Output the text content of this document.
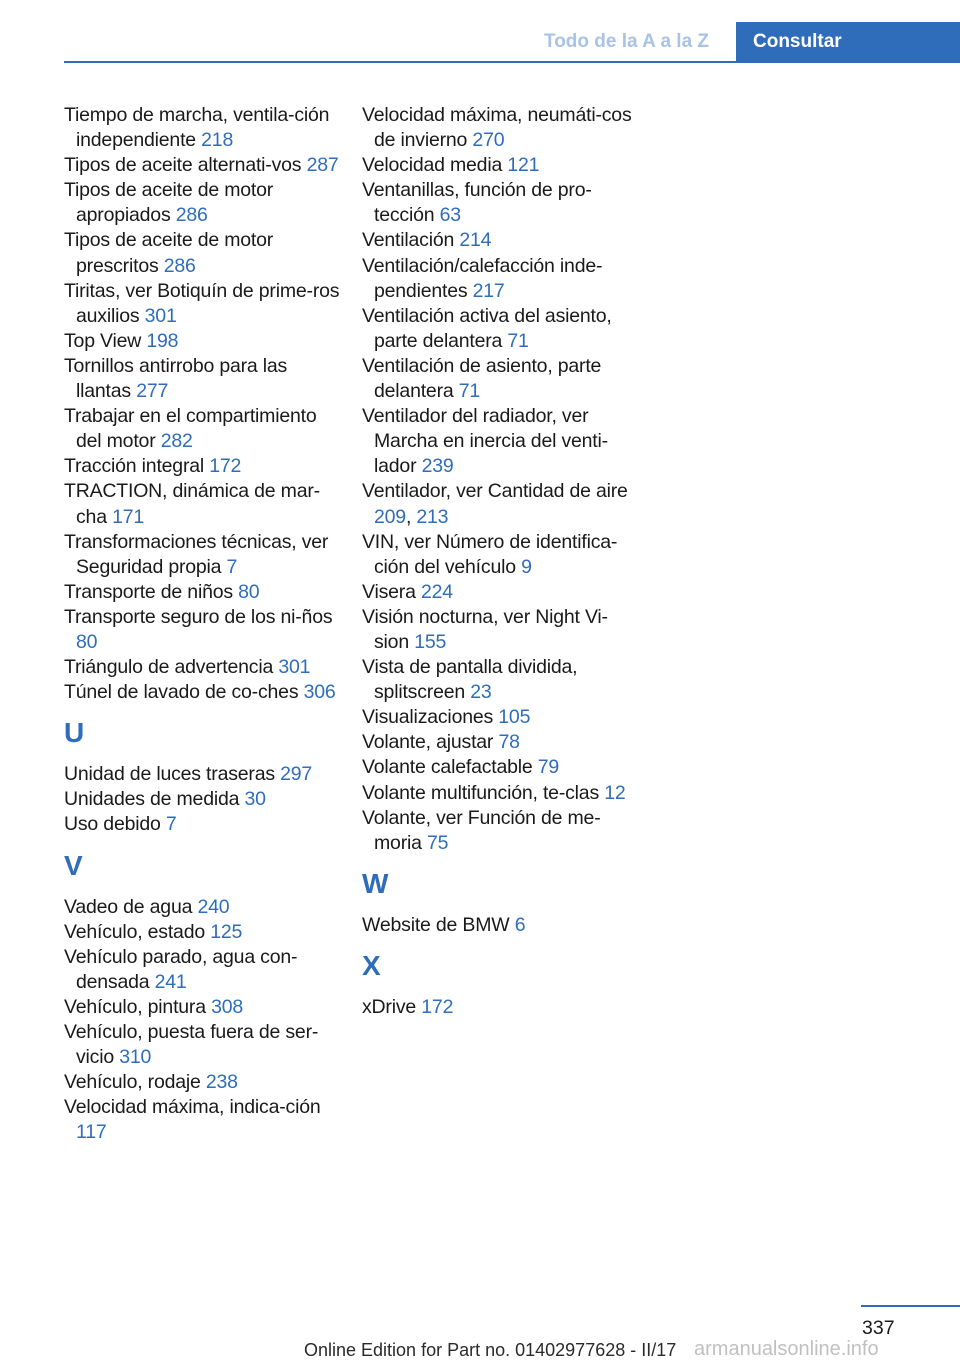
Todo de la A a la Z	Consultar
Tiempo de marcha, ventila‐ción independiente 218
Tipos de aceite alternati‐vos 287
Tipos de aceite de motor apropiados 286
Tipos de aceite de motor prescritos 286
Tiritas, ver Botiquín de prime‐ros auxilios 301
Top View 198
Tornillos antirrobo para las llantas 277
Trabajar en el compartimiento del motor 282
Tracción integral 172
TRACTION, dinámica de mar‐cha 171
Transformaciones técnicas, ver Seguridad propia 7
Transporte de niños 80
Transporte seguro de los ni‐ños 80
Triángulo de advertencia 301
Túnel de lavado de co‐ches 306
U
Unidad de luces traseras 297
Unidades de medida 30
Uso debido 7
V
Vadeo de agua 240
Vehículo, estado 125
Vehículo parado, agua con‐densada 241
Vehículo, pintura 308
Vehículo, puesta fuera de ser‐vicio 310
Vehículo, rodaje 238
Velocidad máxima, indica‐ción 117
Velocidad máxima, neumáti‐cos de invierno 270
Velocidad media 121
Ventanillas, función de pro‐tección 63
Ventilación 214
Ventilación/calefacción inde‐pendientes 217
Ventilación activa del asiento, parte delantera 71
Ventilación de asiento, parte delantera 71
Ventilador del radiador, ver Marcha en inercia del venti‐lador 239
Ventilador, ver Cantidad de aire 209, 213
VIN, ver Número de identifica‐ción del vehículo 9
Visera 224
Visión nocturna, ver Night Vi‐sion 155
Vista de pantalla dividida, splitscreen 23
Visualizaciones 105
Volante, ajustar 78
Volante calefactable 79
Volante multifunción, te‐clas 12
Volante, ver Función de me‐moria 75
W
Website de BMW 6
X
xDrive 172
337
Online Edition for Part no. 01402977628 - II/17 armanualsonline.info
